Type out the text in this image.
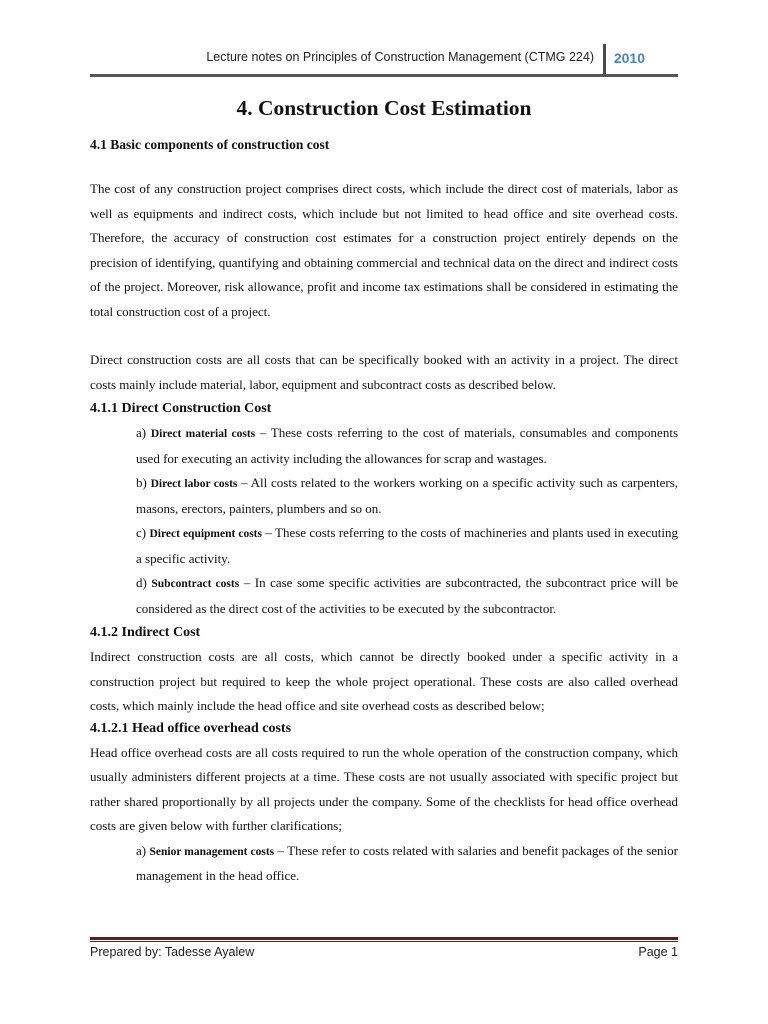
Lecture notes on Principles of Construction Management (CTMG 224) 2010
4. Construction Cost Estimation
4.1 Basic components of construction cost

The cost of any construction project comprises direct costs, which include the direct cost of materials, labor as well as equipments and indirect costs, which include but not limited to head office and site overhead costs. Therefore, the accuracy of construction cost estimates for a construction project entirely depends on the precision of identifying, quantifying and obtaining commercial and technical data on the direct and indirect costs of the project. Moreover, risk allowance, profit and income tax estimations shall be considered in estimating the total construction cost of a project.

Direct construction costs are all costs that can be specifically booked with an activity in a project. The direct costs mainly include material, labor, equipment and subcontract costs as described below.

4.1.1 Direct Construction Cost

a) Direct material costs – These costs referring to the cost of materials, consumables and components used for executing an activity including the allowances for scrap and wastages.

b) Direct labor costs – All costs related to the workers working on a specific activity such as carpenters, masons, erectors, painters, plumbers and so on.

c) Direct equipment costs – These costs referring to the costs of machineries and plants used in executing a specific activity.

d) Subcontract costs – In case some specific activities are subcontracted, the subcontract price will be considered as the direct cost of the activities to be executed by the subcontractor.

4.1.2 Indirect Cost

Indirect construction costs are all costs, which cannot be directly booked under a specific activity in a construction project but required to keep the whole project operational. These costs are also called overhead costs, which mainly include the head office and site overhead costs as described below;

4.1.2.1 Head office overhead costs

Head office overhead costs are all costs required to run the whole operation of the construction company, which usually administers different projects at a time. These costs are not usually associated with specific project but rather shared proportionally by all projects under the company. Some of the checklists for head office overhead costs are given below with further clarifications;

a) Senior management costs – These refer to costs related with salaries and benefit packages of the senior management in the head office.

Prepared by: Tadesse Ayalew	Page 1
